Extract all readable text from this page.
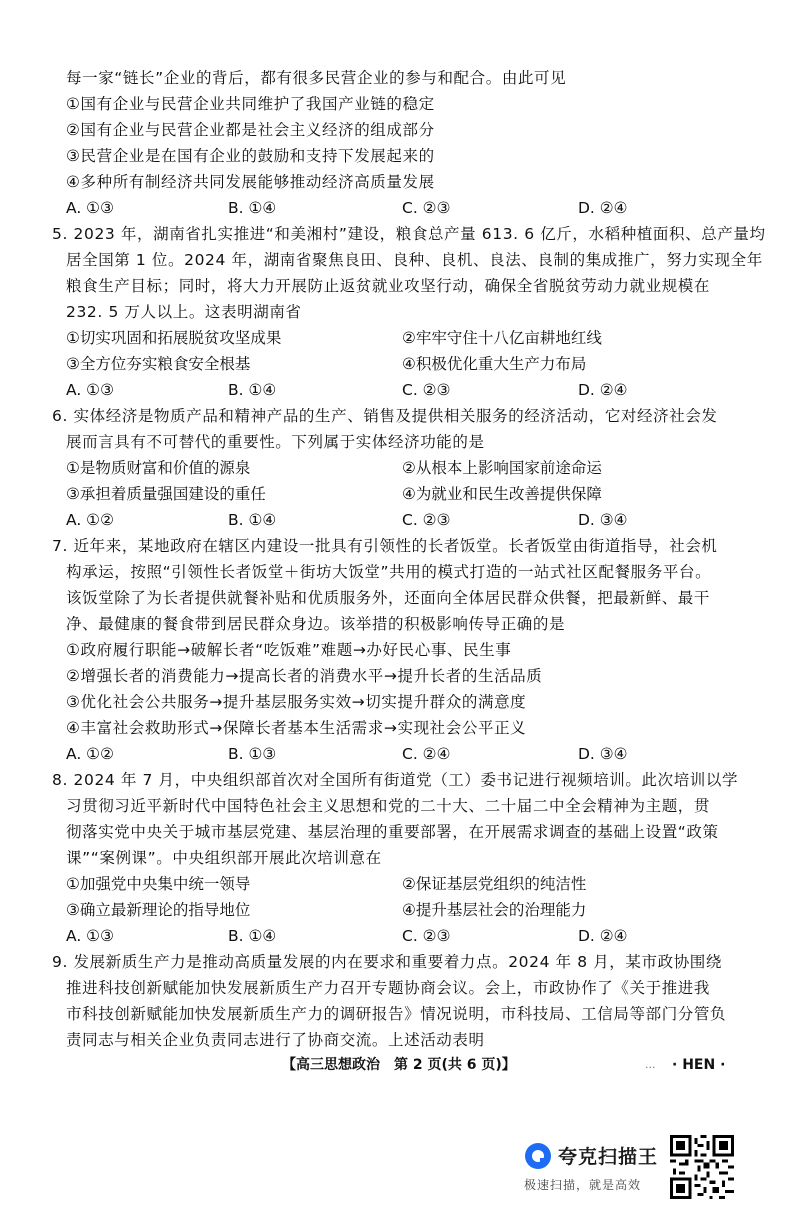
每一家“链长”企业的背后，都有很多民营企业的参与和配合。由此可见
①国有企业与民营企业共同维护了我国产业链的稳定
②国有企业与民营企业都是社会主义经济的组成部分
③民营企业是在国有企业的鼓励和支持下发展起来的
④多种所有制经济共同发展能够推动经济高质量发展
A. ①③	B. ①④	C. ②③	D. ②④
5. 2023 年，湖南省扎实推进“和美湘村”建设，粮食总产量 613. 6 亿斤，水稻种植面积、总产量均
居全国第 1 位。2024 年，湖南省聚焦良田、良种、良机、良法、良制的集成推广，努力实现全年
粮食生产目标；同时，将大力开展防止返贫就业攻坚行动，确保全省脱贫劳动力就业规模在
232. 5 万人以上。这表明湖南省
①切实巩固和拓展脱贫攻坚成果	②牢牢守住十八亿亩耕地红线
③全方位夯实粮食安全根基	④积极优化重大生产力布局
A. ①③	B. ①④	C. ②③	D. ②④
6. 实体经济是物质产品和精神产品的生产、销售及提供相关服务的经济活动，它对经济社会发
展而言具有不可替代的重要性。下列属于实体经济功能的是
①是物质财富和价值的源泉	②从根本上影响国家前途命运
③承担着质量强国建设的重任	④为就业和民生改善提供保障
A. ①②	B. ①④	C. ②③	D. ③④
7. 近年来，某地政府在辖区内建设一批具有引领性的长者饭堂。长者饭堂由街道指导，社会机
构承运，按照“引领性长者饭堂＋街坊大饭堂”共用的模式打造的一站式社区配餐服务平台。
该饭堂除了为长者提供就餐补贴和优质服务外，还面向全体居民群众供餐，把最新鲜、最干
净、最健康的餐食带到居民群众身边。该举措的积极影响传导正确的是
①政府履行职能→破解长者“吃饭难”难题→办好民心事、民生事
②增强长者的消费能力→提高长者的消费水平→提升长者的生活品质
③优化社会公共服务→提升基层服务实效→切实提升群众的满意度
④丰富社会救助形式→保障长者基本生活需求→实现社会公平正义
A. ①②	B. ①③	C. ②④	D. ③④
8. 2024 年 7 月，中央组织部首次对全国所有街道党（工）委书记进行视频培训。此次培训以学
习贯彻习近平新时代中国特色社会主义思想和党的二十大、二十届二中全会精神为主题，贯
彻落实党中央关于城市基层党建、基层治理的重要部署，在开展需求调查的基础上设置“政策
课”“案例课”。中央组织部开展此次培训意在
①加强党中央集中统一领导	②保证基层党组织的纯洁性
③确立最新理论的指导地位	④提升基层社会的治理能力
A. ①③	B. ①④	C. ②③	D. ②④
9. 发展新质生产力是推动高质量发展的内在要求和重要着力点。2024 年 8 月，某市政协围绕
推进科技创新赋能加快发展新质生产力召开专题协商会议。会上，市政协作了《关于推进我
市科技创新赋能加快发展新质生产力的调研报告》情况说明，市科技局、工信局等部门分管负
责同志与相关企业负责同志进行了协商交流。上述活动表明
【高三思想政治　第 2 页(共 6 页)】	... · HEN ·
夸克扫描王
极速扫描，就是高效
